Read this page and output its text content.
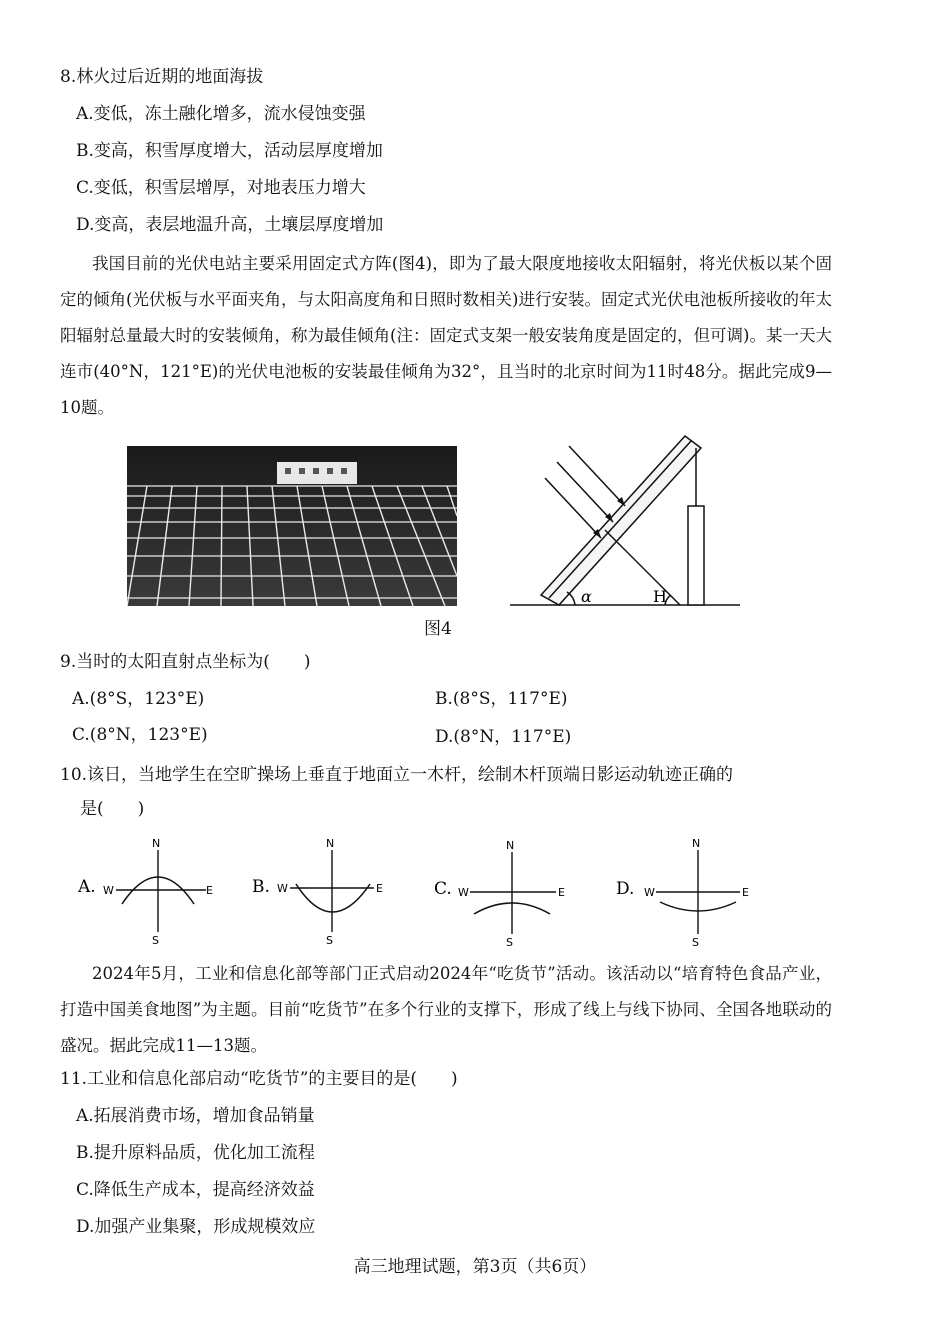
8.林火过后近期的地面海拔
A.变低，冻土融化增多，流水侵蚀变强
B.变高，积雪厚度增大，活动层厚度增加
C.变低，积雪层增厚，对地表压力增大
D.变高，表层地温升高，土壤层厚度增加
我国目前的光伏电站主要采用固定式方阵(图4)，即为了最大限度地接收太阳辐射，将光伏板以某个固定的倾角(光伏板与水平面夹角，与太阳高度角和日照时数相关)进行安装。固定式光伏电池板所接收的年太阳辐射总量最大时的安装倾角，称为最佳倾角(注：固定式支架一般安装角度是固定的，但可调)。某一天大连市(40°N，121°E)的光伏电池板的安装最佳倾角为32°，且当时的北京时间为11时48分。据此完成9—10题。
α	H
图4
9.当时的太阳直射点坐标为(　　)
A.(8°S，123°E)	B.(8°S，117°E)
C.(8°N，123°E)	D.(8°N，117°E)
10.该日，当地学生在空旷操场上垂直于地面立一木杆，绘制木杆顶端日影运动轨迹正确的
是(　　)
A.
N
S
W	E B.
N
S
W	E	C.
N
S
W	E	D.
N
S
W	E
2024年5月，工业和信息化部等部门正式启动2024年“吃货节”活动。该活动以“培育特色食品产业，打造中国美食地图”为主题。目前“吃货节”在多个行业的支撑下，形成了线上与线下协同、全国各地联动的盛况。据此完成11—13题。
11.工业和信息化部启动“吃货节”的主要目的是(　　)
A.拓展消费市场，增加食品销量
B.提升原料品质，优化加工流程
C.降低生产成本，提高经济效益
D.加强产业集聚，形成规模效应
高三地理试题，第3页（共6页）
